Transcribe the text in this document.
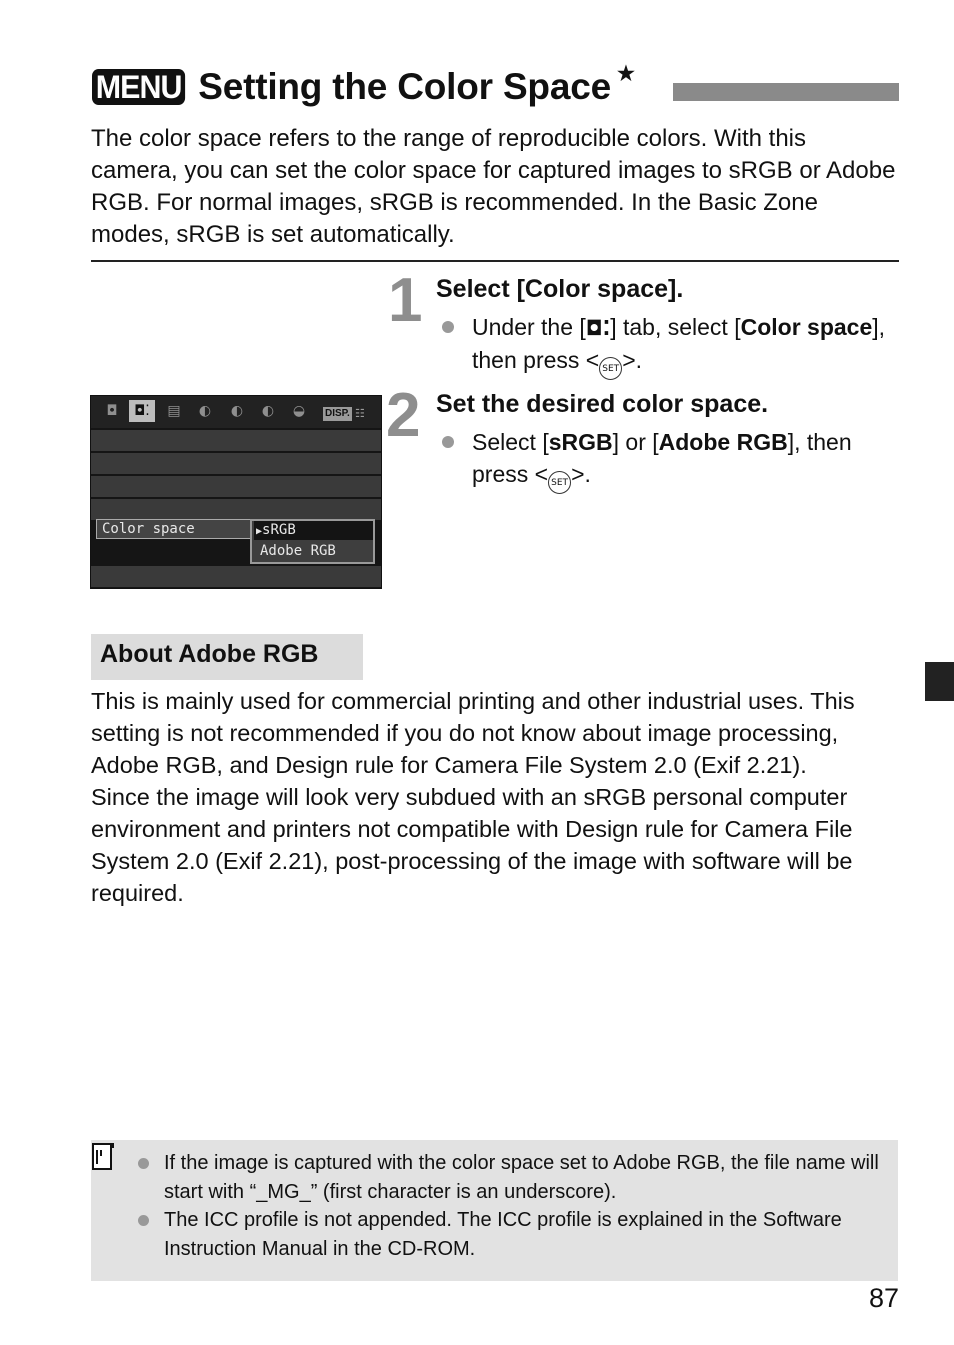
MENU Setting the Color Space ★
The color space refers to the range of reproducible colors. With this camera, you can set the color space for captured images to sRGB or Adobe RGB. For normal images, sRGB is recommended. In the Basic Zone modes, sRGB is set automatically.
1 Select [Color space].
Under the [◘⁚] tab, select [Color space], then press < SET >.
2 Set the desired color space.
Select [sRGB] or [Adobe RGB], then press < SET >.
◘	◘⁚	▤	◐	◐	◐	◒	DISP. ☷
Color space	▶sRGB
Adobe RGB
About Adobe RGB
This is mainly used for commercial printing and other industrial uses. This setting is not recommended if you do not know about image processing, Adobe RGB, and Design rule for Camera File System 2.0 (Exif 2.21).
Since the image will look very subdued with an sRGB personal computer environment and printers not compatible with Design rule for Camera File System 2.0 (Exif 2.21), post-processing of the image with software will be required.
If the image is captured with the color space set to Adobe RGB, the file name will start with “_MG_” (first character is an underscore).
The ICC profile is not appended. The ICC profile is explained in the Software Instruction Manual in the CD-ROM.
87
